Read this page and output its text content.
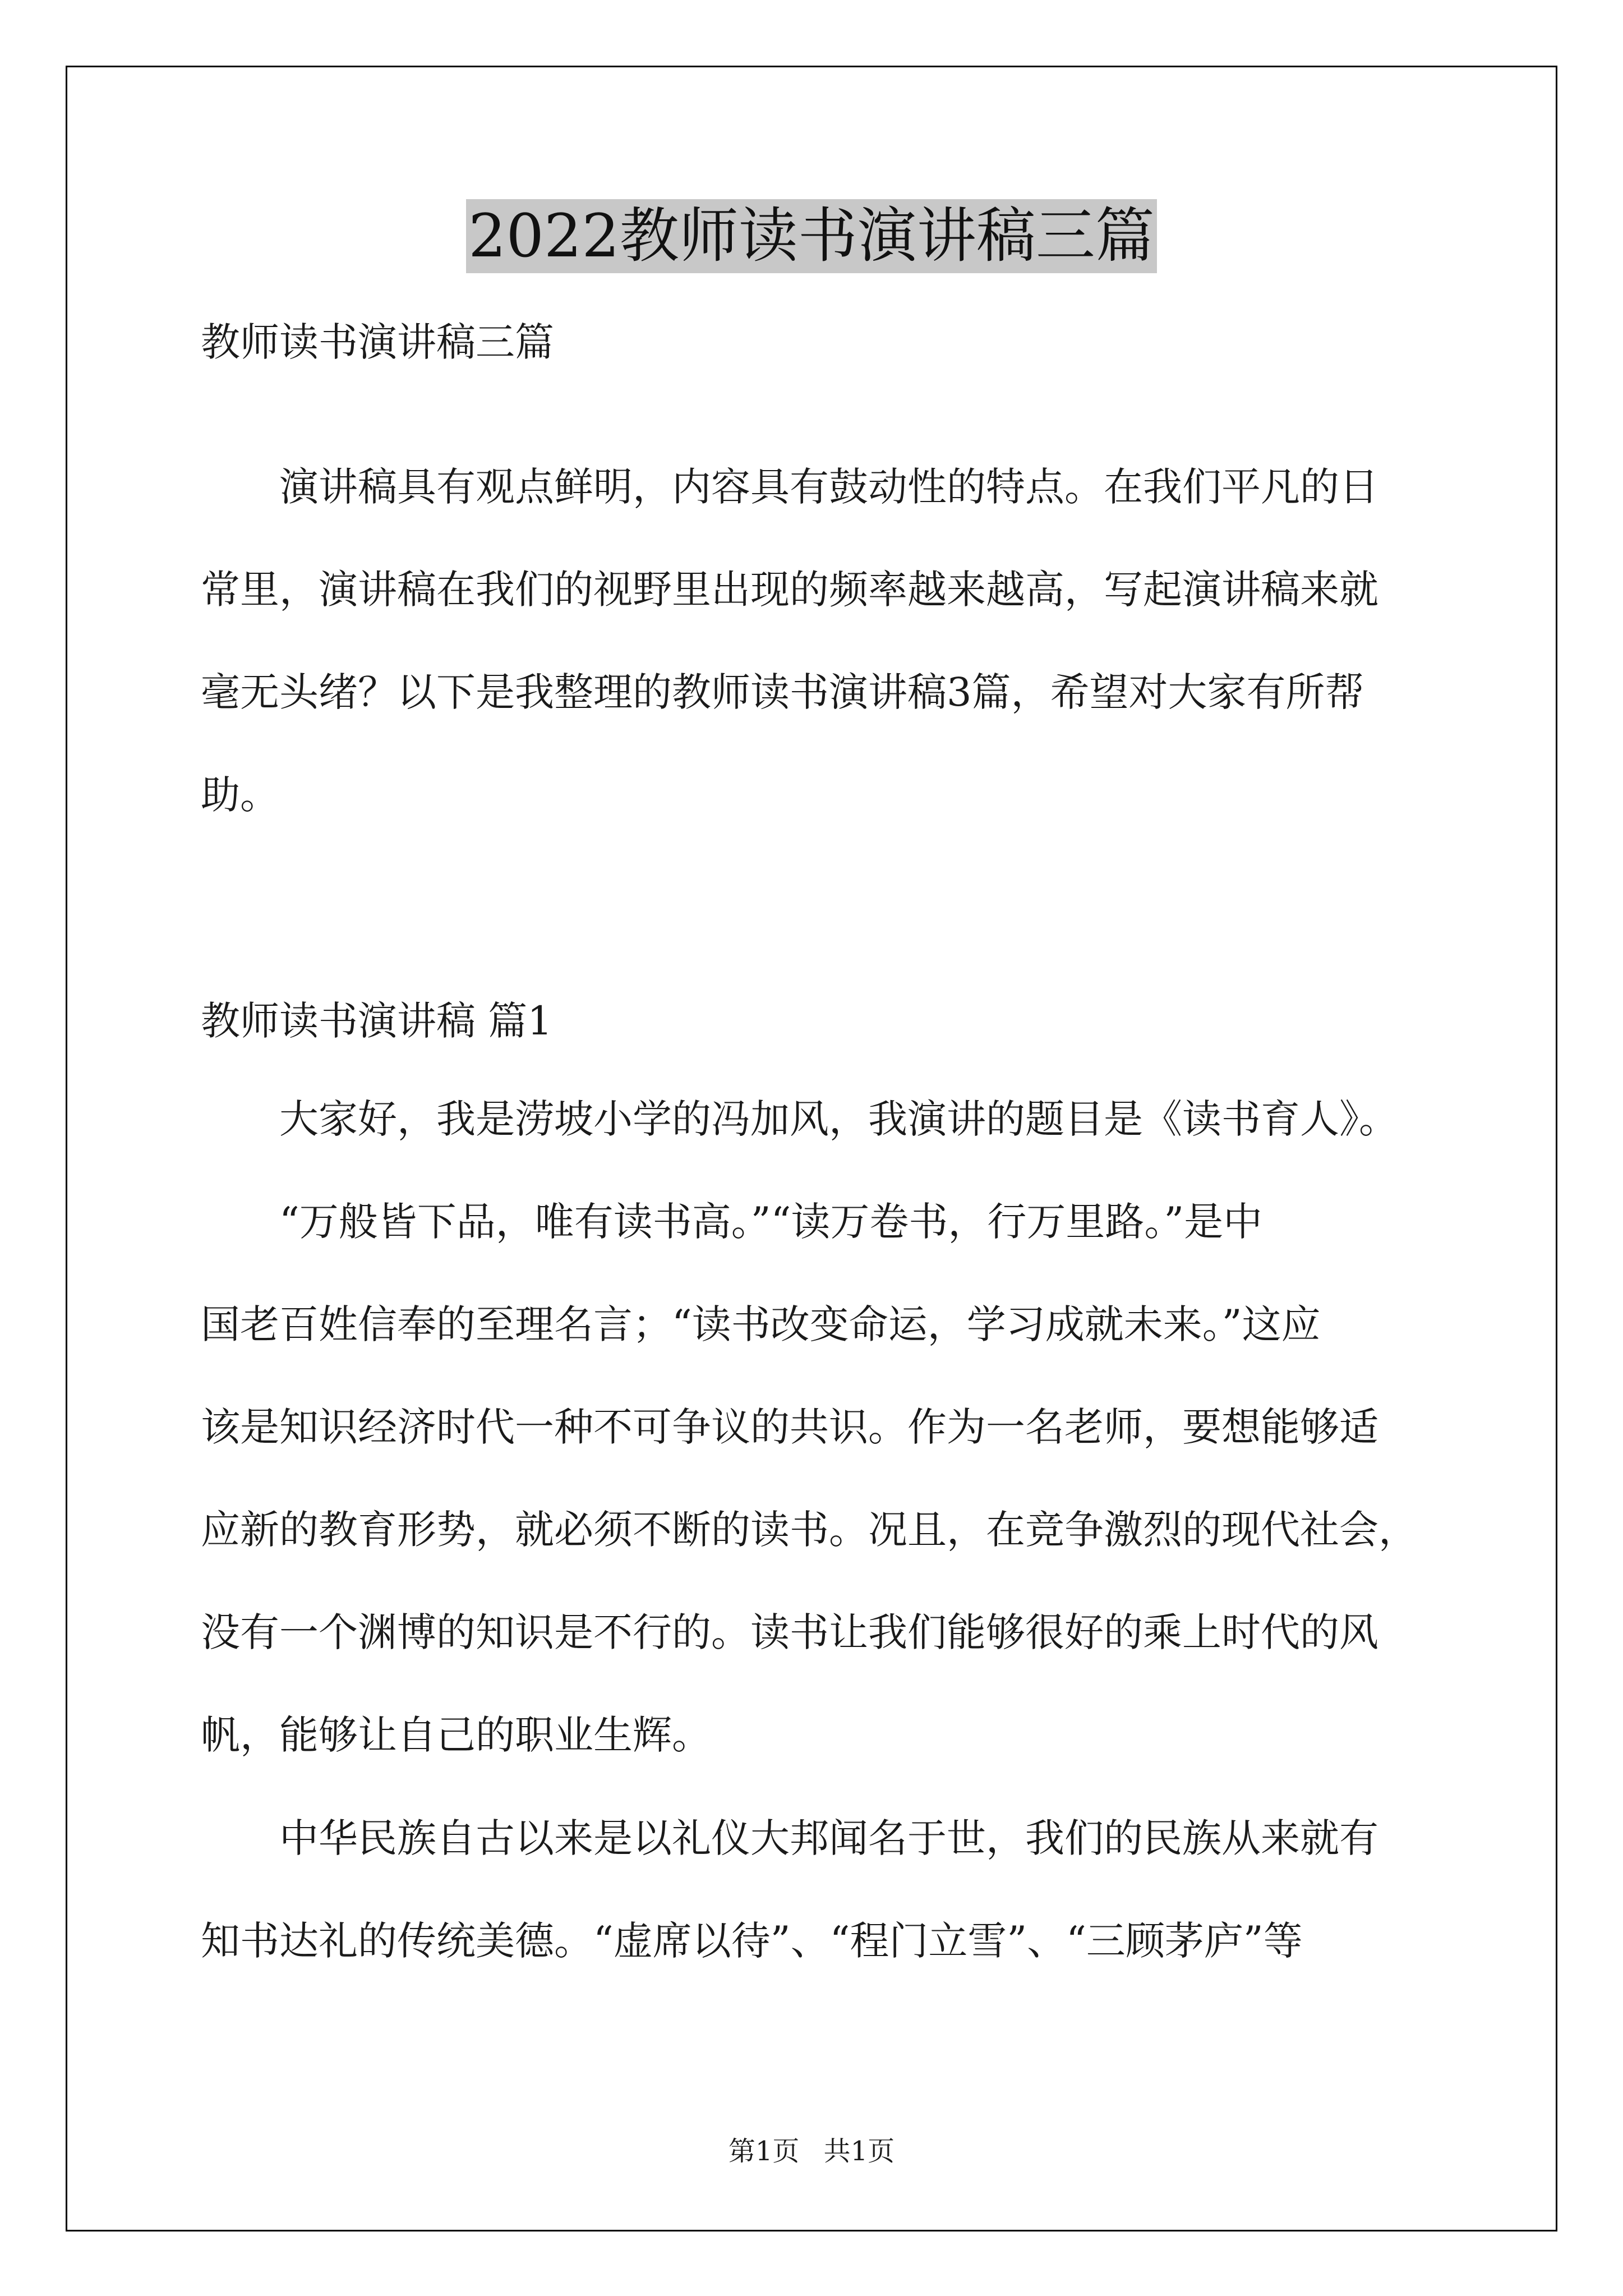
2022教师读书演讲稿三篇
教师读书演讲稿三篇
演讲稿具有观点鲜明，内容具有鼓动性的特点。在我们平凡的日
常里，演讲稿在我们的视野里出现的频率越来越高，写起演讲稿来就
毫无头绪？以下是我整理的教师读书演讲稿3篇，希望对大家有所帮
助。
教师读书演讲稿 篇1
大家好，我是涝坡小学的冯加风，我演讲的题目是《读书育人》。
“万般皆下品，唯有读书高。”“读万卷书，行万里路。”是中
国老百姓信奉的至理名言；“读书改变命运，学习成就未来。”这应
该是知识经济时代一种不可争议的共识。作为一名老师，要想能够适
应新的教育形势，就必须不断的读书。况且，在竞争激烈的现代社会，
没有一个渊博的知识是不行的。读书让我们能够很好的乘上时代的风
帆，能够让自己的职业生辉。
中华民族自古以来是以礼仪大邦闻名于世，我们的民族从来就有
知书达礼的传统美德。“虚席以待”、“程门立雪”、“三顾茅庐”等
第1页 共1页
